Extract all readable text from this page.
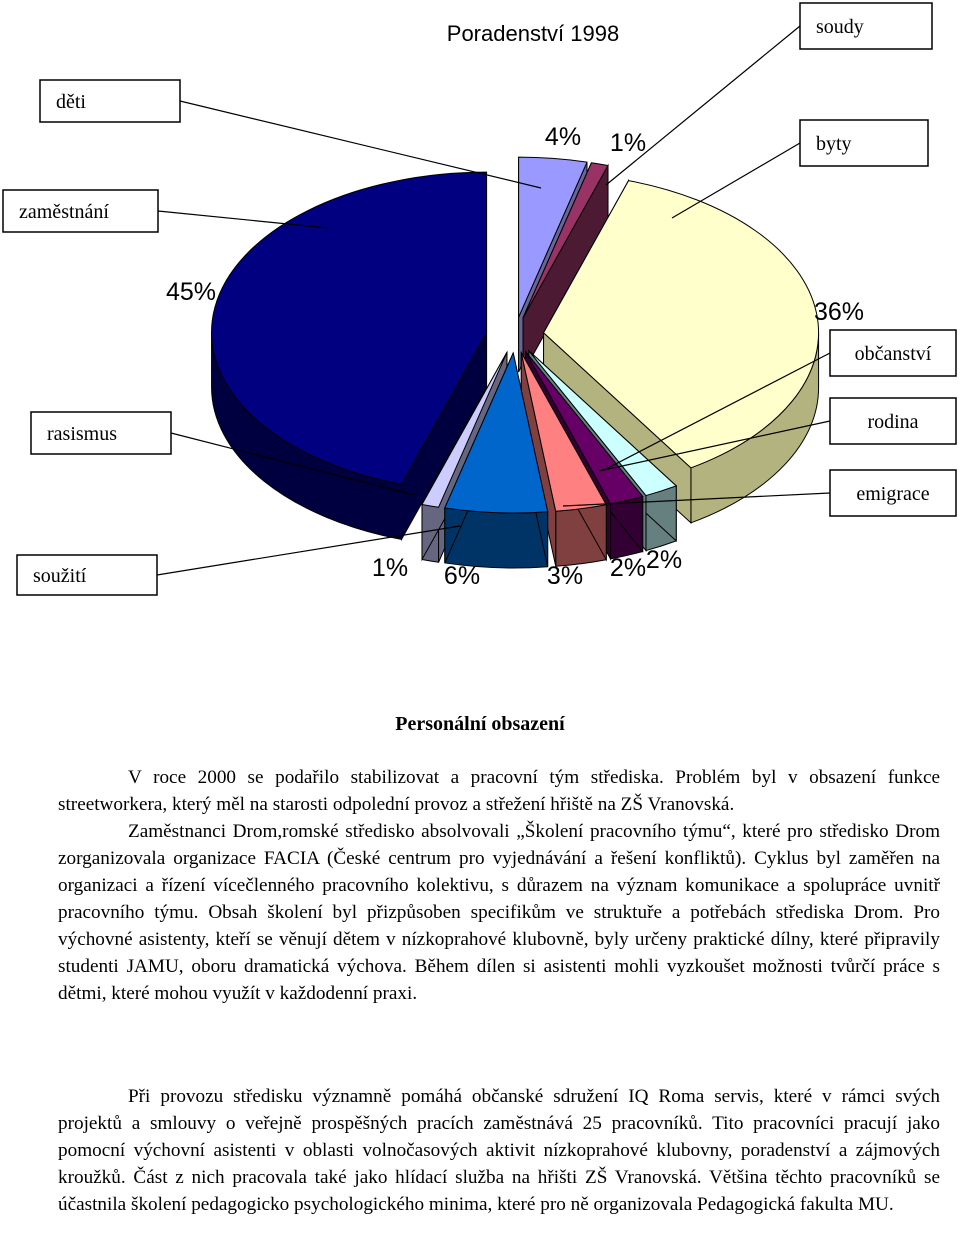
Poradenství 1998
4% 1%
36%
2%
2%
3%
6%
1%
45%
děti
soudy
byty
občanství
rodina
emigrace
soužití
rasismus
zaměstnání
Personální obsazení

V roce 2000 se podařilo stabilizovat a pracovní tým střediska. Problém byl v obsazení funkce streetworkera, který měl na starosti odpolední provoz a střežení hřiště na ZŠ Vranovská.

Zaměstnanci Drom,romské středisko absolvovali „Školení pracovního týmu“, které pro středisko Drom zorganizovala organizace FACIA (České centrum pro vyjednávání a řešení konfliktů). Cyklus byl zaměřen na organizaci a řízení vícečlenného pracovního kolektivu, s důrazem na význam komunikace a spolupráce uvnitř pracovního týmu. Obsah školení byl přizpůsoben specifikům ve struktuře a potřebách střediska Drom. Pro výchovné asistenty, kteří se věnují dětem v nízkoprahové klubovně, byly určeny praktické dílny, které připravily studenti JAMU, oboru dramatická výchova. Během dílen si asistenti mohli vyzkoušet možnosti tvůrčí práce s dětmi, které mohou využít v každodenní praxi.

Při provozu středisku významně pomáhá občanské sdružení IQ Roma servis, které v rámci svých projektů a smlouvy o veřejně prospěšných pracích zaměstnává 25 pracovníků. Tito pracovníci pracují jako pomocní výchovní asistenti v oblasti volnočasových aktivit nízkoprahové klubovny, poradenství a zájmových kroužků. Část z nich pracovala také jako hlídací služba na hřišti ZŠ Vranovská. Většina těchto pracovníků se účastnila školení pedagogicko psychologického minima, které pro ně organizovala Pedagogická fakulta MU.
